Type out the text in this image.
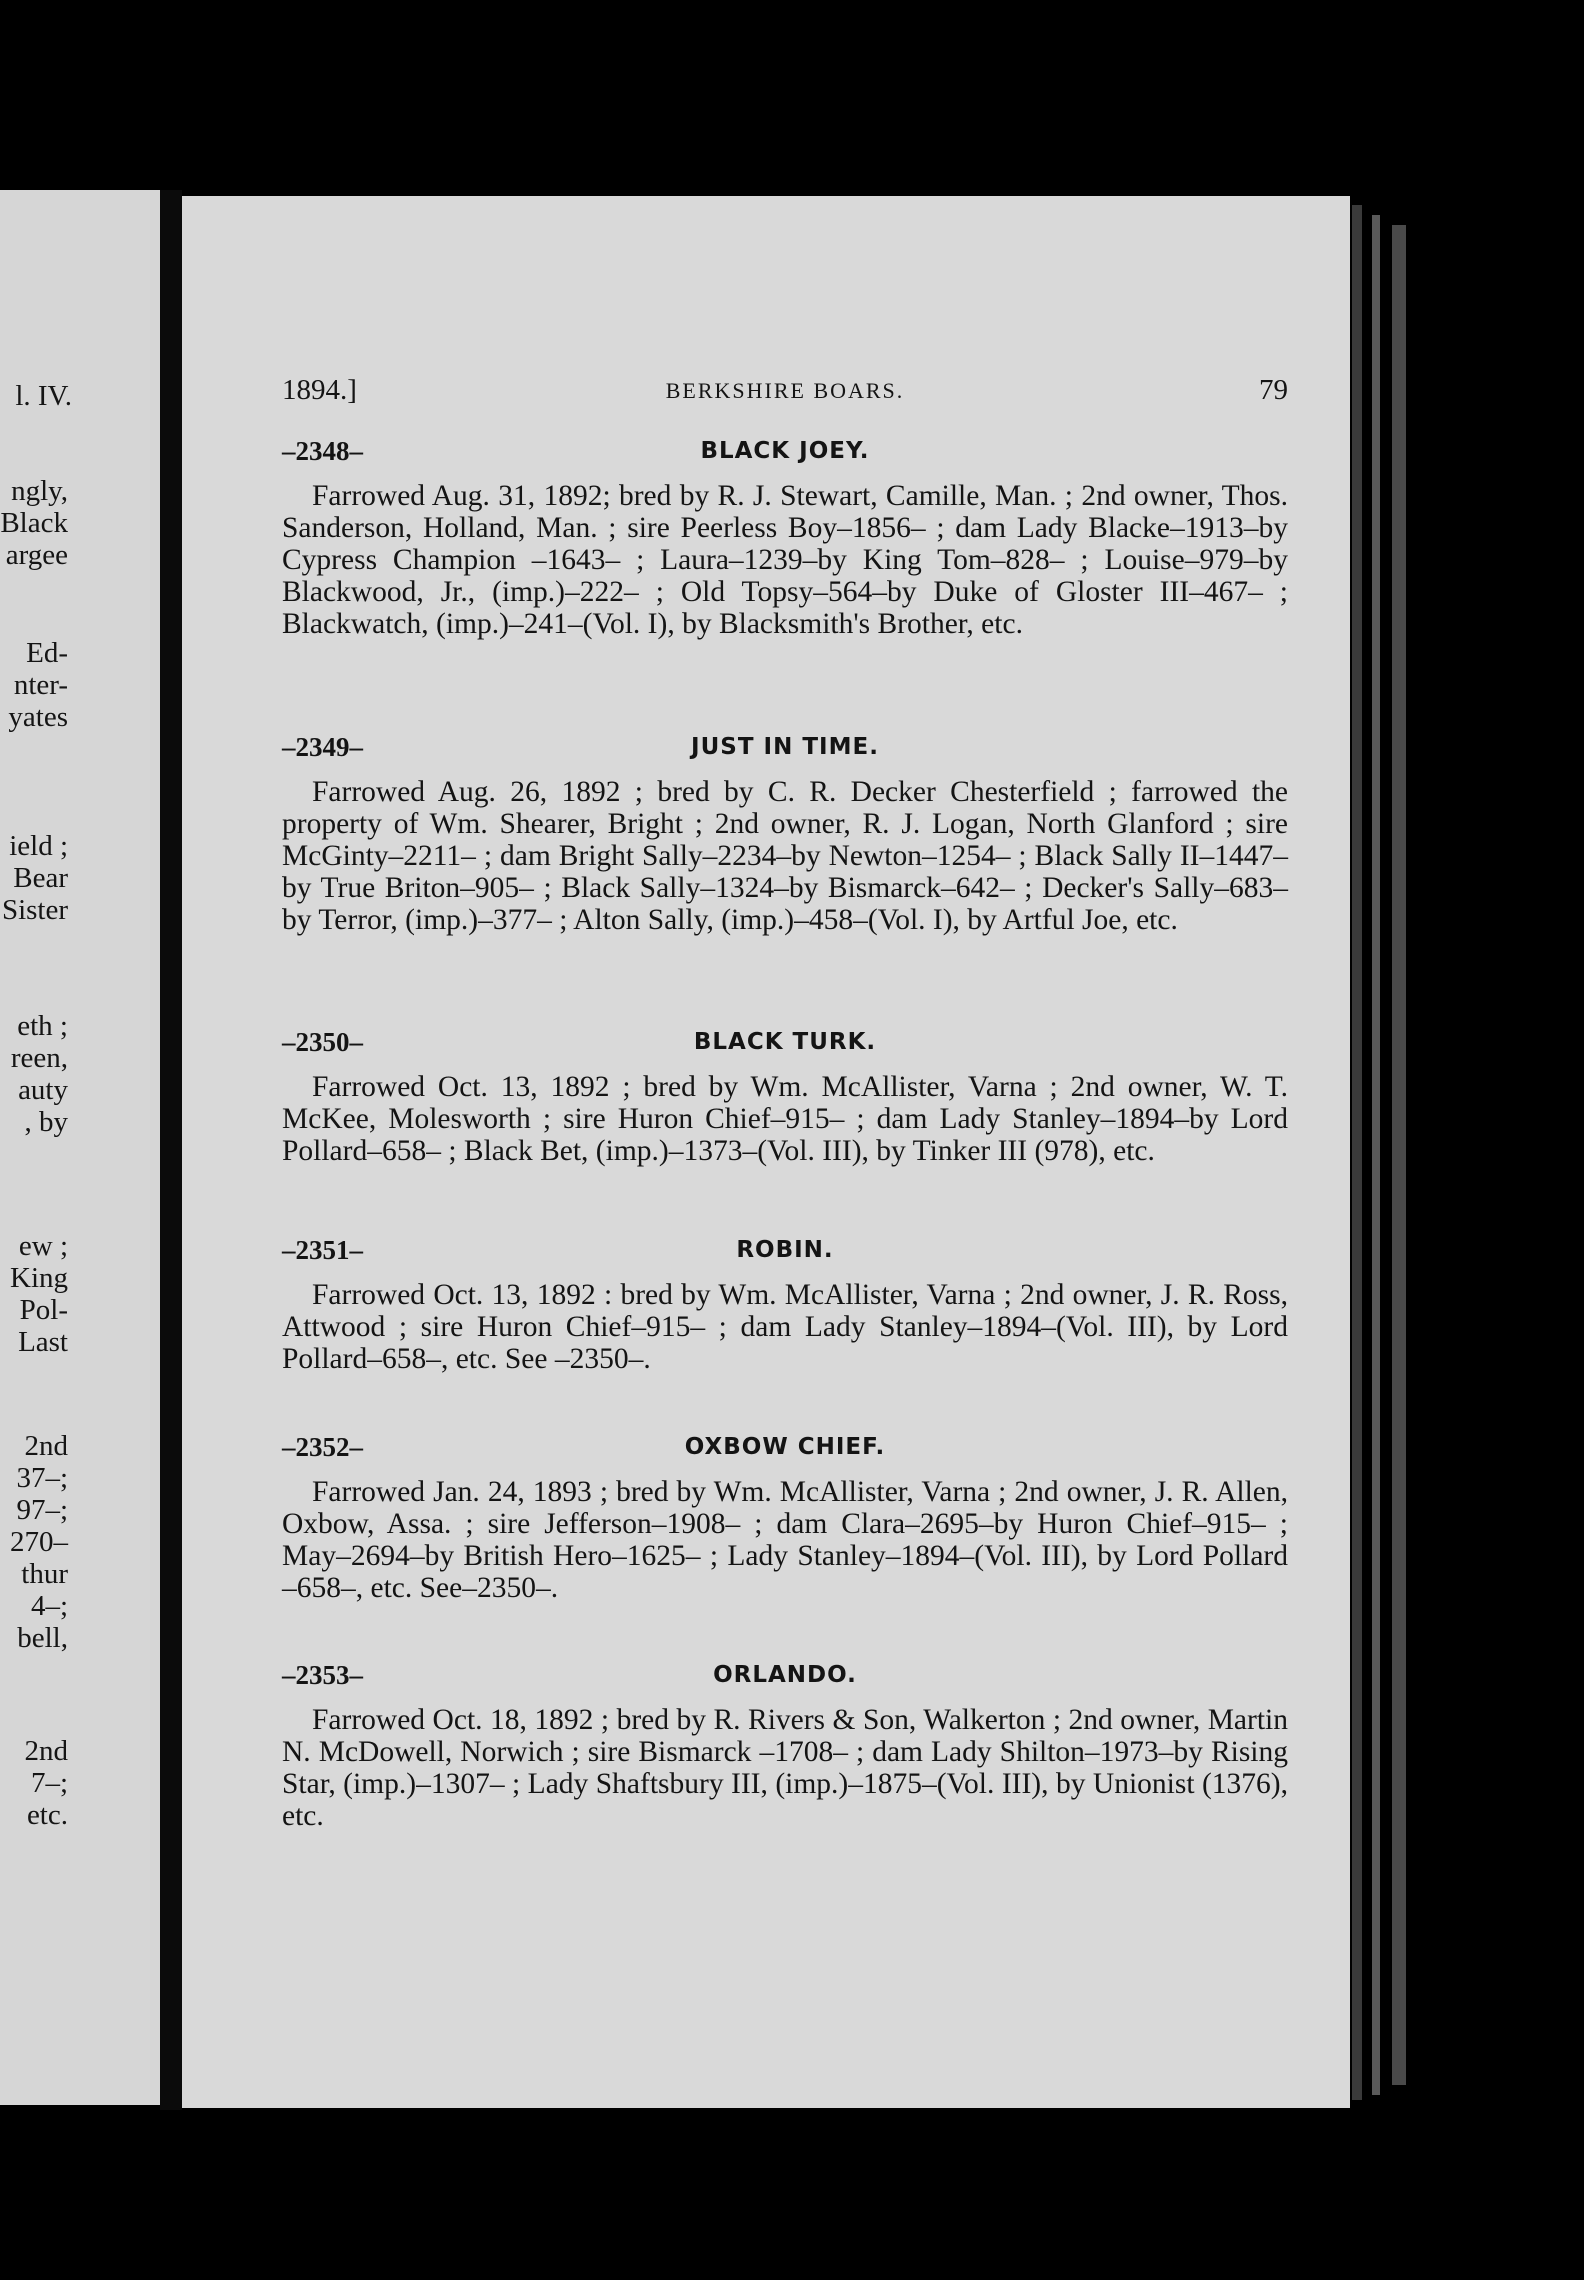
l. IV.
ngly,
Black
argee
Ed-
nter-
yates
ield ;
Bear
Sister
eth ;
reen,
auty
, by
ew ;
King
Pol-
Last
2nd
37–;
97–;
270–
thur
4–;
bell,
2nd
7–;
etc.
1894.]	BERKSHIRE BOARS.	79
–2348–	BLACK JOEY.
Farrowed Aug. 31, 1892; bred by R. J. Stewart, Camille, Man. ; 2nd owner, Thos. Sanderson, Holland, Man. ; sire Peerless Boy–1856– ; dam Lady Blacke–1913–by Cypress Champion –1643– ; Laura–1239–by King Tom–828– ; Louise–979–by Blackwood, Jr., (imp.)–222– ; Old Topsy–564–by Duke of Gloster III–467– ; Blackwatch, (imp.)–241–(Vol. I), by Blacksmith's Brother, etc.
–2349–	JUST IN TIME.
Farrowed Aug. 26, 1892 ; bred by C. R. Decker Chesterfield ; farrowed the property of Wm. Shearer, Bright ; 2nd owner, R. J. Logan, North Glanford ; sire McGinty–2211– ; dam Bright Sally–2234–by Newton–1254– ; Black Sally II–1447–by True Briton–905– ; Black Sally–1324–by Bismarck–642– ; Decker's Sally–683–by Terror, (imp.)–377– ; Alton Sally, (imp.)–458–(Vol. I), by Artful Joe, etc.
–2350–	BLACK TURK.
Farrowed Oct. 13, 1892 ; bred by Wm. McAllister, Varna ; 2nd owner, W. T. McKee, Molesworth ; sire Huron Chief–915– ; dam Lady Stanley–1894–by Lord Pollard–658– ; Black Bet, (imp.)–1373–(Vol. III), by Tinker III (978), etc.
–2351–	ROBIN.
Farrowed Oct. 13, 1892 : bred by Wm. McAllister, Varna ; 2nd owner, J. R. Ross, Attwood ; sire Huron Chief–915– ; dam Lady Stanley–1894–(Vol. III), by Lord Pollard–658–, etc. See –2350–.
–2352–	OXBOW CHIEF.
Farrowed Jan. 24, 1893 ; bred by Wm. McAllister, Varna ; 2nd owner, J. R. Allen, Oxbow, Assa. ; sire Jefferson–1908– ; dam Clara–2695–by Huron Chief–915– ; May–2694–by British Hero–1625– ; Lady Stanley–1894–(Vol. III), by Lord Pollard –658–, etc. See–2350–.
–2353–	ORLANDO.
Farrowed Oct. 18, 1892 ; bred by R. Rivers & Son, Walkerton ; 2nd owner, Martin N. McDowell, Norwich ; sire Bismarck –1708– ; dam Lady Shilton–1973–by Rising Star, (imp.)–1307– ; Lady Shaftsbury III, (imp.)–1875–(Vol. III), by Unionist (1376), etc.
